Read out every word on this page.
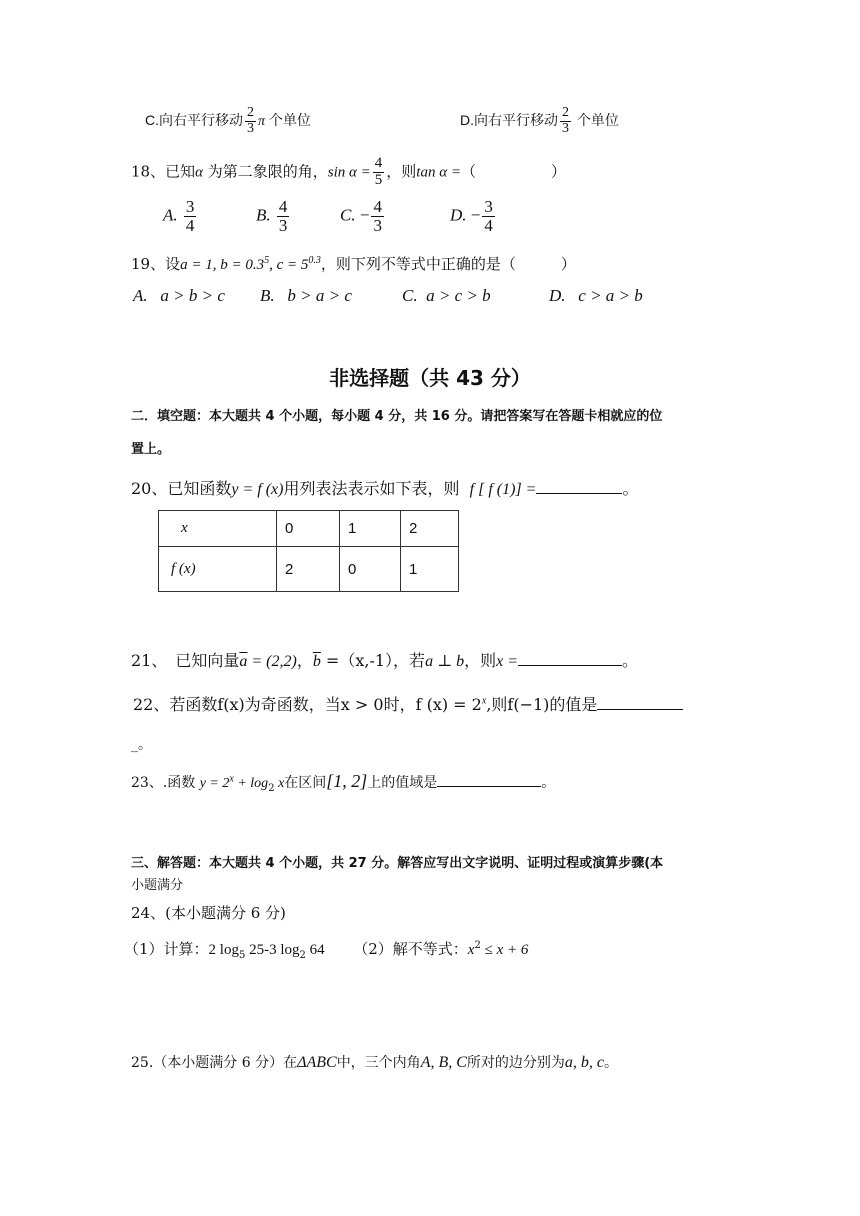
C.向右平行移动 $\frac{2}{3}$ π 个单位	D.向右平行移动 $\frac{2}{3}$ 个单位
18、已知α 为第二象限的角，$\sin \alpha = \frac{4}{5}$ ，则tan α =（　　　　　）
A. $\frac{3}{4}$	B. $\frac{4}{3}$	C. − $\frac{4}{3}$	D. − $\frac{3}{4}$
19、设a = 1, $b = 0.3^5$, $c = 5^{0.3}$，则下列不等式中正确的是（　　　）
A. a > b > c B. b > a > c	C. a > c > b	D. c > a > b
非选择题（共 43 分）
二．填空题：本大题共 4 个小题，每小题 4 分，共 16 分。请把答案写在答题卡相就应的位
置上。
20、已知函数y = f (x)用列表法表示如下表，则 f [ f (1)] =	。
x	0	1	2
f (x)	2	0	1
21、　已知向量$\overline{a} = (2,2)$，$\overline{b} =(x,-1)$，若a ⊥ b，则x =	。
22、若函数f(x)为奇函数，当x > 0时，f $(x) = 2^x$,则f(−1)的值是
_。
23、.函数 $y = 2^x + \log_2 x$在区间[1, 2]上的值域是	。
三、解答题：本大题共 4 个小题，共 27 分。解答应写出文字说明、证明过程或演算步骤(本
小题满分
24、(本小题满分 6 分)
（1）计算：2 $\log_5 25-3$ $\log_2 64$ （2）解不等式：$x^2 \le x + 6$
25.（本小题满分 6 分）在ΔABC中，三个内角A, B, C所对的边分别为a, b, c。
